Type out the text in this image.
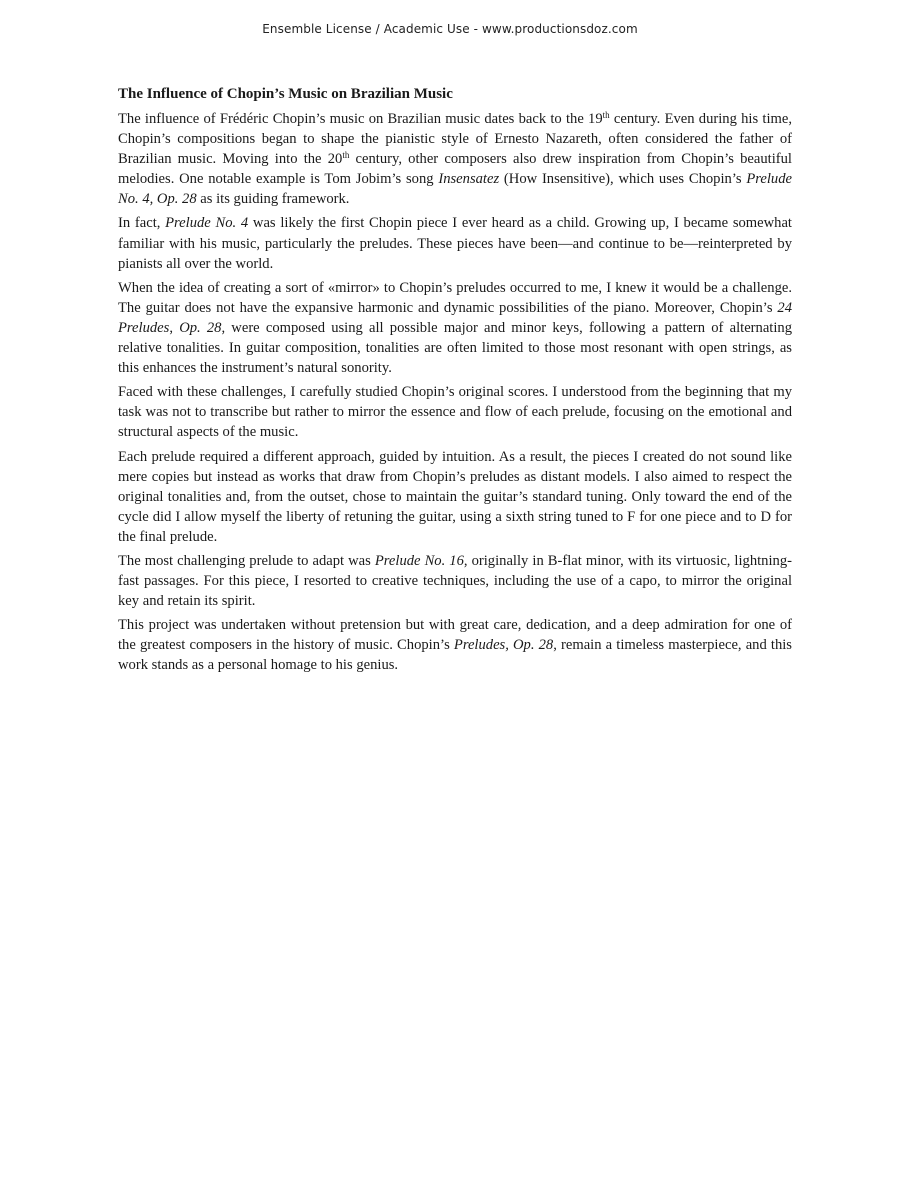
Ensemble License / Academic Use - www.productionsdoz.com
The Influence of Chopin’s Music on Brazilian Music

The influence of Frédéric Chopin’s music on Brazilian music dates back to the 19th century. Even during his time, Chopin’s compositions began to shape the pianistic style of Ernesto Nazareth, often considered the father of Brazilian music. Moving into the 20th century, other composers also drew inspiration from Chopin’s beautiful melodies. One notable example is Tom Jobim’s song Insensatez (How Insensitive), which uses Chopin’s Prelude No. 4, Op. 28 as its guiding framework.

In fact, Prelude No. 4 was likely the first Chopin piece I ever heard as a child. Growing up, I became somewhat familiar with his music, particularly the preludes. These pieces have been—and continue to be—reinterpreted by pianists all over the world.

When the idea of creating a sort of «mirror» to Chopin’s preludes occurred to me, I knew it would be a challenge. The guitar does not have the expansive harmonic and dynamic possibilities of the piano. Moreover, Chopin’s 24 Preludes, Op. 28, were composed using all possible major and minor keys, following a pattern of alternating relative tonalities. In guitar composition, tonalities are often limited to those most resonant with open strings, as this enhances the instrument’s natural sonority.

Faced with these challenges, I carefully studied Chopin’s original scores. I understood from the beginning that my task was not to transcribe but rather to mirror the essence and flow of each prelude, focusing on the emotional and structural aspects of the music.

Each prelude required a different approach, guided by intuition. As a result, the pieces I created do not sound like mere copies but instead as works that draw from Chopin’s preludes as distant models. I also aimed to respect the original tonalities and, from the outset, chose to maintain the guitar’s standard tuning. Only toward the end of the cycle did I allow myself the liberty of retuning the guitar, using a sixth string tuned to F for one piece and to D for the final prelude.

The most challenging prelude to adapt was Prelude No. 16, originally in B-flat minor, with its virtuosic, lightning-fast passages. For this piece, I resorted to creative techniques, including the use of a capo, to mirror the original key and retain its spirit.

This project was undertaken without pretension but with great care, dedication, and a deep admiration for one of the greatest composers in the history of music. Chopin’s Preludes, Op. 28, remain a timeless masterpiece, and this work stands as a personal homage to his genius.
